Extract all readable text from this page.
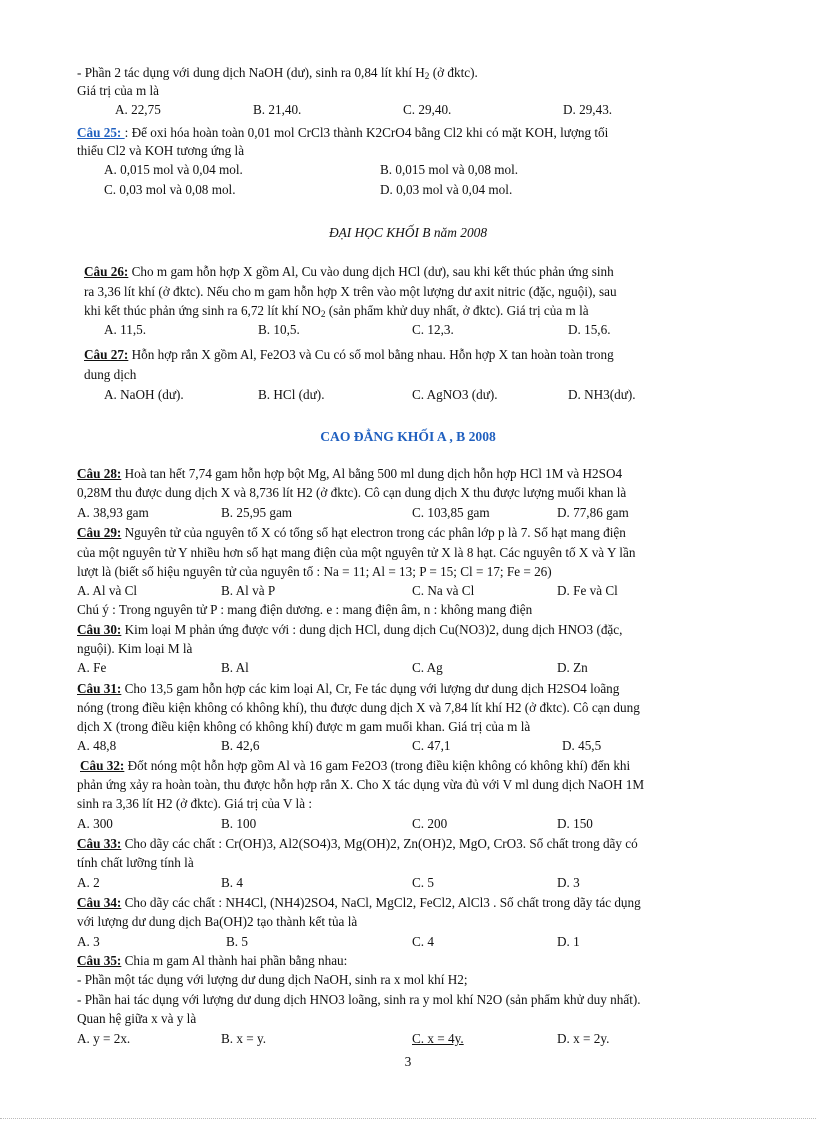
- Phần 2 tác dụng với dung dịch NaOH (dư), sinh ra 0,84 lít khí $H_2$ (ở đktc).
Giá trị của m là
A. 22,75	B. 21,40.	C. 29,40.	D. 29,43.
Câu 25: : Để oxi hóa hoàn toàn 0,01 mol CrCl3 thành K2CrO4 bằng Cl2 khi có mặt KOH, lượng tối
thiểu Cl2 và KOH tương ứng là
A. 0,015 mol và 0,04 mol.	B. 0,015 mol và 0,08 mol.
C. 0,03 mol và 0,08 mol.	D. 0,03 mol và 0,04 mol.
ĐẠI HỌC KHỐI B năm 2008
Câu 26: Cho m gam hỗn hợp X gồm Al, Cu vào dung dịch HCl (dư), sau khi kết thúc phản ứng sinh
ra 3,36 lít khí (ở đktc). Nếu cho m gam hỗn hợp X trên vào một lượng dư axit nitric (đặc, nguội), sau
khi kết thúc phản ứng sinh ra 6,72 lít khí $NO_2$ (sản phẩm khử duy nhất, ở đktc). Giá trị của m là
A. 11,5.	B. 10,5.	C. 12,3.	D. 15,6.
Câu 27: Hỗn hợp rắn X gồm Al, Fe2O3 và Cu có số mol bằng nhau. Hỗn hợp X tan hoàn toàn trong
dung dịch
A. NaOH (dư).	B. HCl (dư).	C. AgNO3 (dư).	D. NH3(dư).
CAO ĐẲNG KHỐI A , B 2008
Câu 28: Hoà tan hết 7,74 gam hỗn hợp bột Mg, Al bằng 500 ml dung dịch hỗn hợp HCl 1M và H2SO4
0,28M thu được dung dịch X và 8,736 lít H2 (ở đktc). Cô cạn dung dịch X thu được lượng muối khan là
A. 38,93 gam	B. 25,95 gam	C. 103,85 gam	D. 77,86 gam
Câu 29: Nguyên tử của nguyên tố X có tổng số hạt electron trong các phân lớp p là 7. Số hạt mang điện
của một nguyên tử Y nhiều hơn số hạt mang điện của một nguyên tử X là 8 hạt. Các nguyên tố X và Y lần
lượt là (biết số hiệu nguyên tử của nguyên tố : Na = 11; Al = 13; P = 15; Cl = 17; Fe = 26)
A. Al và Cl	B. Al và P	C. Na và Cl	D. Fe và Cl
Chú ý : Trong nguyên tử P : mang điện dương. e : mang điện âm, n : không mang điện
Câu 30: Kim loại M phản ứng được với : dung dịch HCl, dung dịch Cu(NO3)2, dung dịch HNO3 (đặc,
nguội). Kim loại M là
A. Fe	B. Al	C. Ag	D. Zn
Câu 31: Cho 13,5 gam hỗn hợp các kim loại Al, Cr, Fe tác dụng với lượng dư dung dịch H2SO4 loãng
nóng (trong điều kiện không có không khí), thu được dung dịch X và 7,84 lít khí H2 (ở đktc). Cô cạn dung
dịch X (trong điều kiện không có không khí) được m gam muối khan. Giá trị của m là
A. 48,8	B. 42,6	C. 47,1	D. 45,5
Câu 32: Đốt nóng một hỗn hợp gồm Al và 16 gam Fe2O3 (trong điều kiện không có không khí) đến khi
phản ứng xảy ra hoàn toàn, thu được hỗn hợp rắn X. Cho X tác dụng vừa đủ với V ml dung dịch NaOH 1M
sinh ra 3,36 lít H2 (ở đktc). Giá trị của V là :
A. 300	B. 100	C. 200	D. 150
Câu 33: Cho dãy các chất : Cr(OH)3, Al2(SO4)3, Mg(OH)2, Zn(OH)2, MgO, CrO3. Số chất trong dãy có
tính chất lưỡng tính là
A. 2	B. 4	C. 5	D. 3
Câu 34: Cho dãy các chất : NH4Cl, (NH4)2SO4, NaCl, MgCl2, FeCl2, AlCl3 . Số chất trong dãy tác dụng
với lượng dư dung dịch Ba(OH)2 tạo thành kết tủa là
A. 3	B. 5	C. 4	D. 1
Câu 35: Chia m gam Al thành hai phần bằng nhau:
- Phần một tác dụng với lượng dư dung dịch NaOH, sinh ra x mol khí H2;
- Phần hai tác dụng với lượng dư dung dịch HNO3 loãng, sinh ra y mol khí N2O (sản phẩm khử duy nhất).
Quan hệ giữa x và y là
A. y = 2x.	B. x = y.	C. x = 4y.	D. x = 2y.
3
